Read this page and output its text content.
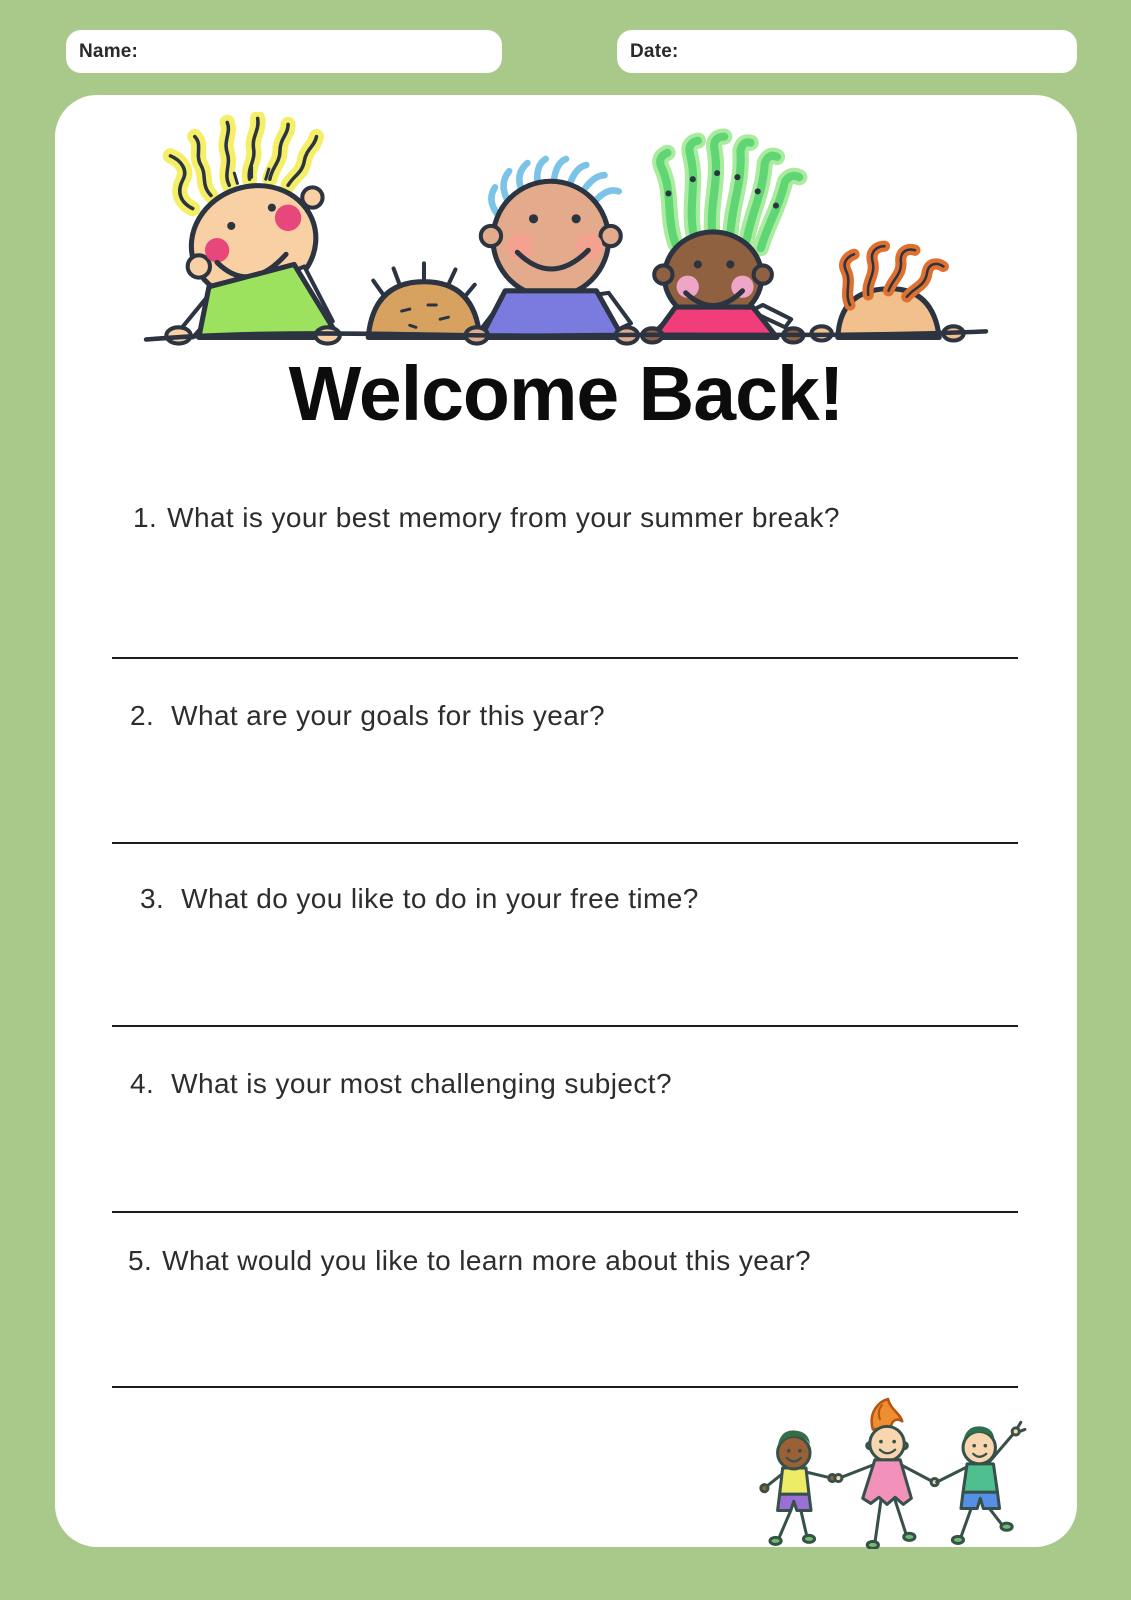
Name:	Date:
Welcome Back!
1. What is your best memory from your summer break?
2. What are your goals for this year?
3. What do you like to do in your free time?
4. What is your most challenging subject?
5. What would you like to learn more about this year?
